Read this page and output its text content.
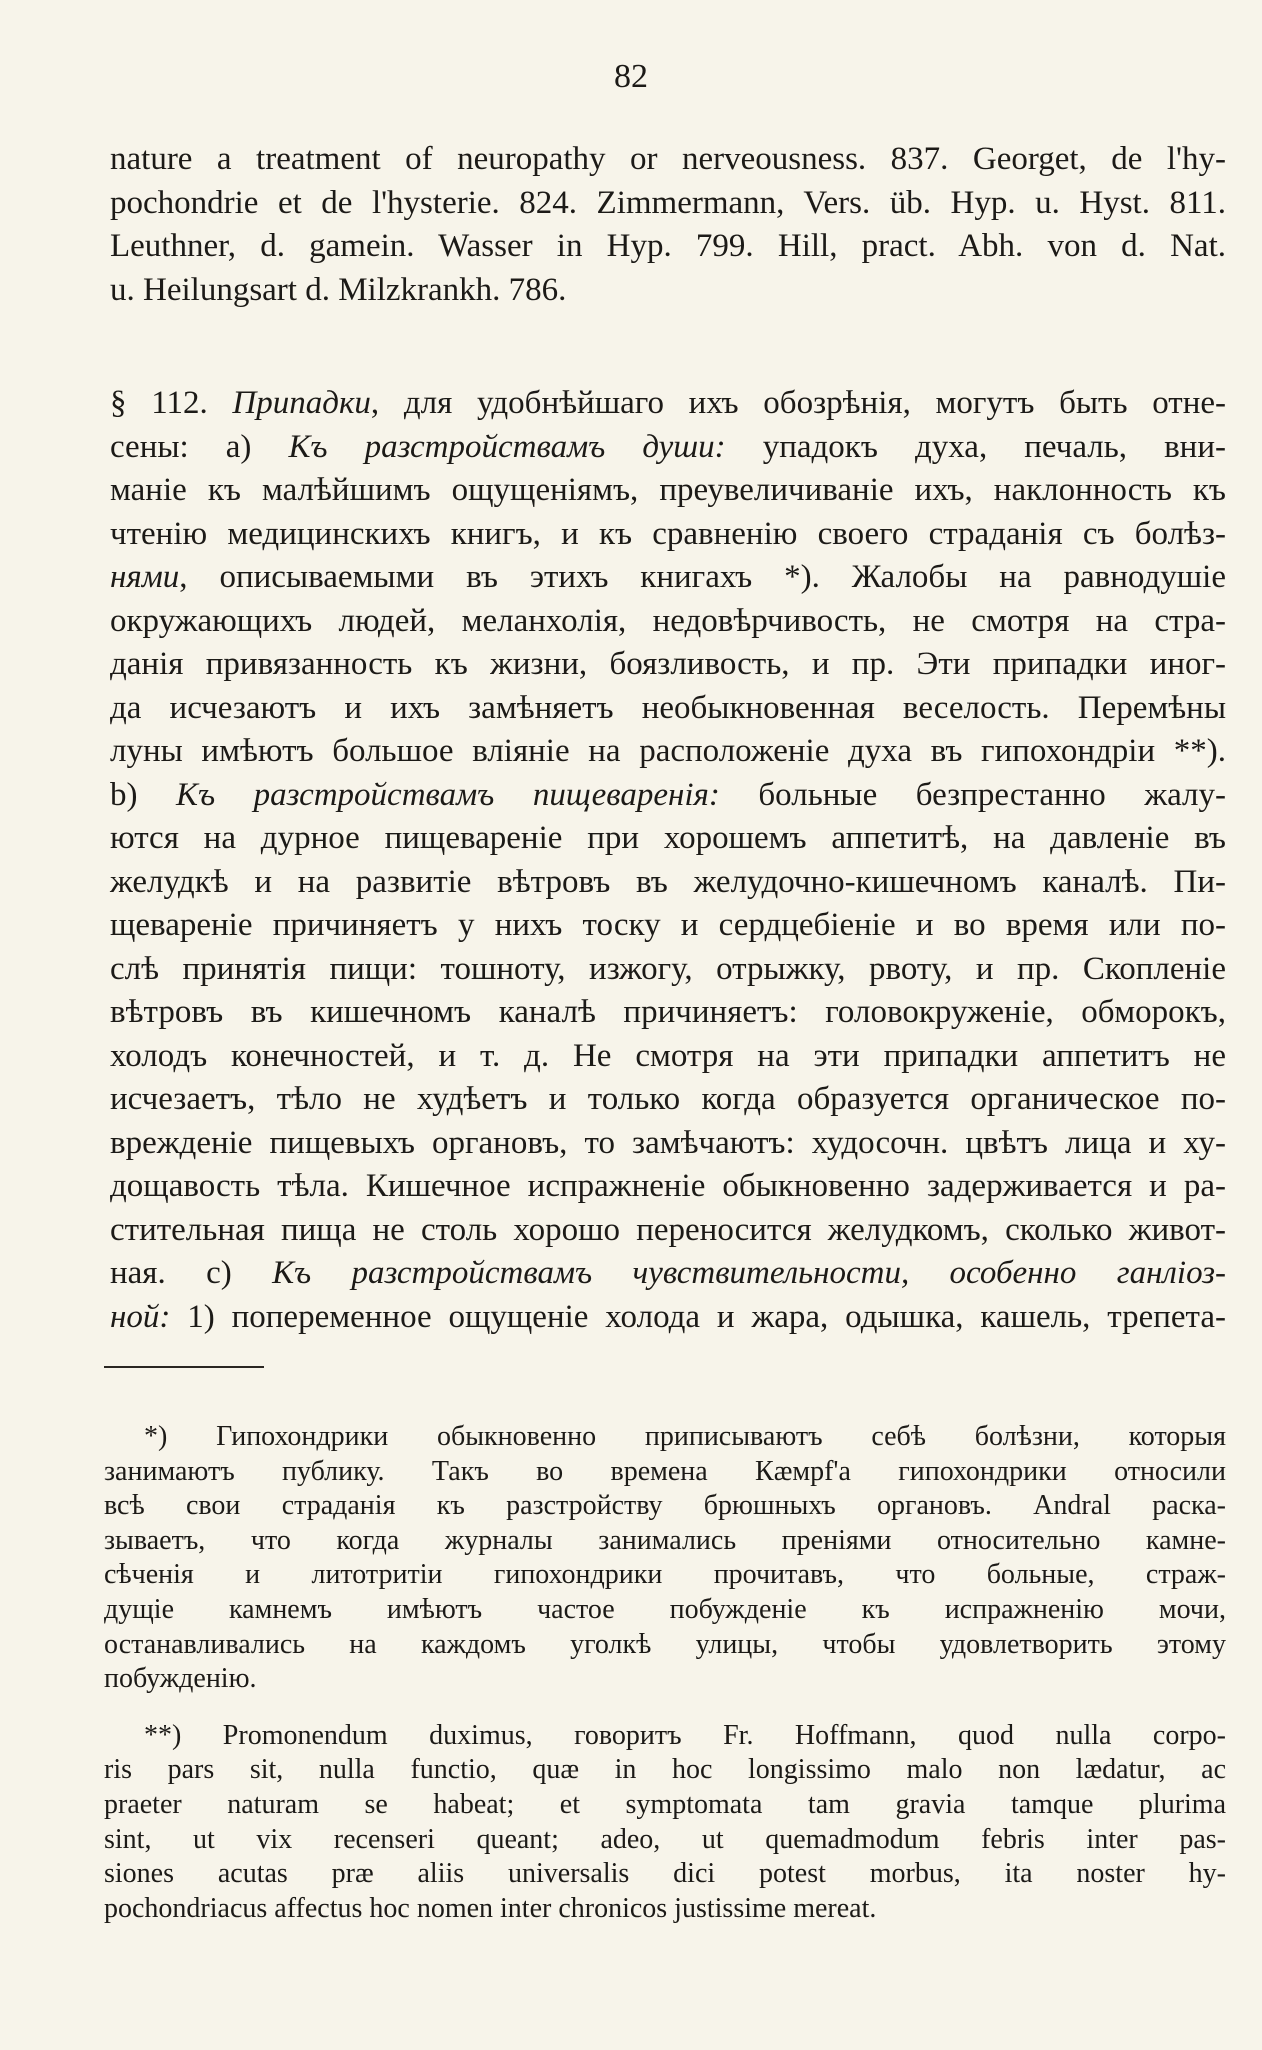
82
nature a treatment of neuropathy or nerveousness. 837. Georget, de l'hy-
pochondrie et de l'hysterie. 824. Zimmermann, Vers. üb. Hyp. u. Hyst. 811.
Leuthner, d. gamein. Wasser in Hyp. 799. Hill, pract. Abh. von d. Nat.
u. Heilungsart d. Milzkrankh. 786.
§ 112. Припадки, для удобнѣйшаго ихъ обозрѣнія, могутъ быть отне-
сены: а) Къ разстройствамъ души: упадокъ духа, печаль, вни-
маніе къ малѣйшимъ ощущеніямъ, преувеличиваніе ихъ, наклонность къ
чтенію медицинскихъ книгъ, и къ сравненію своего страданія съ болѣз-
нями, описываемыми въ этихъ книгахъ *). Жалобы на равнодушіе
окружающихъ людей, меланхолія, недовѣрчивость, не смотря на стра-
данія привязанность къ жизни, боязливость, и пр. Эти припадки иног-
да исчезаютъ и ихъ замѣняетъ необыкновенная веселость. Перемѣны
луны имѣютъ большое вліяніе на расположеніе духа въ гипохондріи **).
b) Къ разстройствамъ пищеваренія: больные безпрестанно жалу-
ются на дурное пищевареніе при хорошемъ аппетитѣ, на давленіе въ
желудкѣ и на развитіе вѣтровъ въ желудочно-кишечномъ каналѣ. Пи-
щевареніе причиняетъ у нихъ тоску и сердцебіеніе и во время или по-
слѣ принятія пищи: тошноту, изжогу, отрыжку, рвоту, и пр. Скопленіе
вѣтровъ въ кишечномъ каналѣ причиняетъ: головокруженіе, обморокъ,
холодъ конечностей, и т. д. Не смотря на эти припадки аппетитъ не
исчезаетъ, тѣло не худѣетъ и только когда образуется органическое по-
врежденіе пищевыхъ органовъ, то замѣчаютъ: худосочн. цвѣтъ лица и ху-
дощавость тѣла. Кишечное испражненіе обыкновенно задерживается и ра-
стительная пища не столь хорошо переносится желудкомъ, сколько живот-
ная. c) Къ разстройствамъ чувствительности, особенно ганліоз-
ной: 1) попеременное ощущеніе холода и жара, одышка, кашель, трепета-
*) Гипохондрики обыкновенно приписываютъ себѣ болѣзни, которыя
занимаютъ публику. Такъ во времена Кæмрf'a гипохондрики относили
всѣ свои страданія къ разстройству брюшныхъ органовъ. Andral раска-
зываетъ, что когда журналы занимались преніями относительно камне-
сѣченія и литотритіи гипохондрики прочитавъ, что больные, страж-
дущіе камнемъ имѣютъ частое побужденіе къ испражненію мочи,
останавливались на каждомъ уголкѣ улицы, чтобы удовлетворить этому
побужденію.
**) Promonendum duximus, говоритъ Fr. Hoffmann, quod nulla corpo-
ris pars sit, nulla functio, quæ in hoc longissimo malo non lædatur, ac
praeter naturam se habeat; et symptomata tam gravia tamque plurima
sint, ut vix recenseri queant; adeo, ut quemadmodum febris inter pas-
siones acutas præ aliis universalis dici potest morbus, ita noster hy-
pochondriacus affectus hoc nomen inter chronicos justissime mereat.
